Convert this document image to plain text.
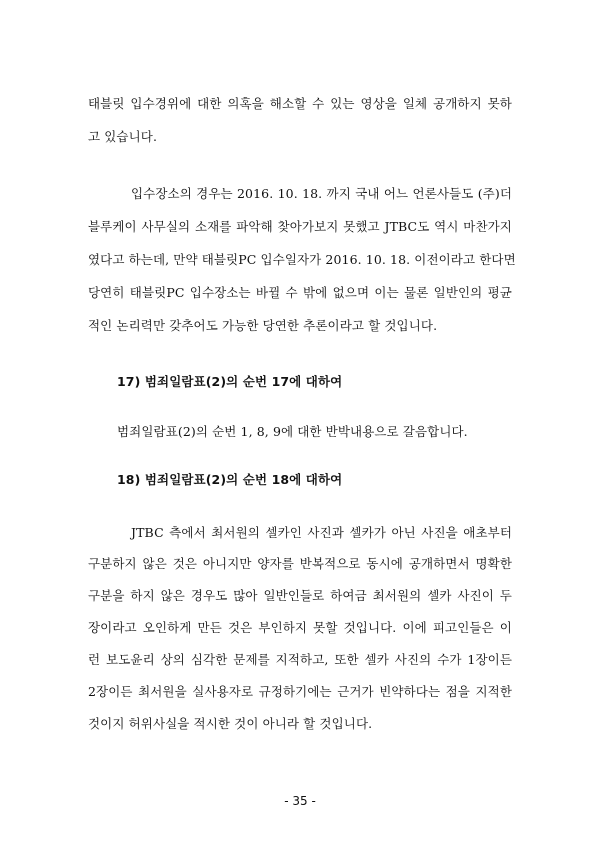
태블릿 입수경위에 대한 의혹을 해소할 수 있는 영상을 일체 공개하지 못하
고 있습니다.
입수장소의 경우는 2016. 10. 18. 까지 국내 어느 언론사들도 (주)더
블루케이 사무실의 소재를 파악해 찾아가보지 못했고 JTBC도 역시 마찬가지
였다고 하는데, 만약 태블릿PC 입수일자가 2016. 10. 18. 이전이라고 한다면
당연히 태블릿PC 입수장소는 바뀔 수 밖에 없으며 이는 물론 일반인의 평균
적인 논리력만 갖추어도 가능한 당연한 추론이라고 할 것입니다.
17) 범죄일람표(2)의 순번 17에 대하여
범죄일람표(2)의 순번 1, 8, 9에 대한 반박내용으로 갈음합니다.
18) 범죄일람표(2)의 순번 18에 대하여
JTBC 측에서 최서원의 셀카인 사진과 셀카가 아닌 사진을 애초부터
구분하지 않은 것은 아니지만 양자를 반복적으로 동시에 공개하면서 명확한
구분을 하지 않은 경우도 많아 일반인들로 하여금 최서원의 셀카 사진이 두
장이라고 오인하게 만든 것은 부인하지 못할 것입니다. 이에 피고인들은 이
런 보도윤리 상의 심각한 문제를 지적하고, 또한 셀카 사진의 수가 1장이든
2장이든 최서원을 실사용자로 규정하기에는 근거가 빈약하다는 점을 지적한
것이지 허위사실을 적시한 것이 아니라 할 것입니다.
- 35 -
